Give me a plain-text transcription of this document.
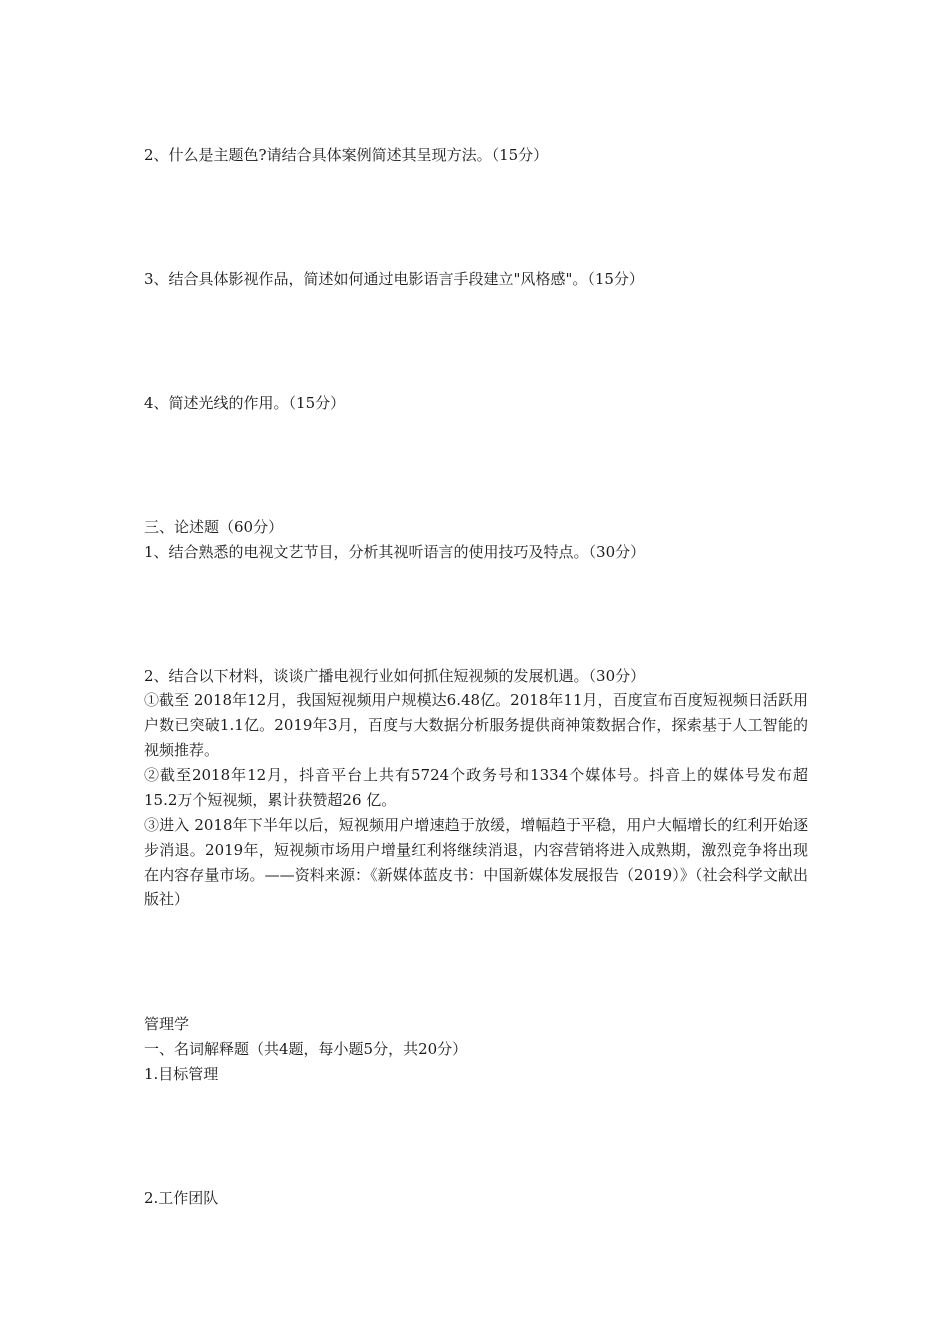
2、什么是主题色?请结合具体案例简述其呈现方法。（15分）
3、结合具体影视作品，简述如何通过电影语言手段建立"风格感"。（15分）
4、简述光线的作用。（15分）
三、论述题（60分）
1、结合熟悉的电视文艺节目，分析其视听语言的使用技巧及特点。（30分）
2、结合以下材料，谈谈广播电视行业如何抓住短视频的发展机遇。（30分）
①截至 2018年12月，我国短视频用户规模达6.48亿。2018年11月，百度宣布百度短视频日活跃用户数已突破1.1亿。2019年3月，百度与大数据分析服务提供商神策数据合作，探索基于人工智能的视频推荐。
②截至2018年12月，抖音平台上共有5724个政务号和1334个媒体号。抖音上的媒体号发布超 15.2万个短视频，累计获赞超26 亿。
③进入 2018年下半年以后，短视频用户增速趋于放缓，增幅趋于平稳，用户大幅增长的红利开始逐步消退。2019年，短视频市场用户增量红利将继续消退，内容营销将进入成熟期，激烈竞争将出现在内容存量市场。——资料来源：《新媒体蓝皮书：中国新媒体发展报告（2019）》（社会科学文献出版社）
管理学
一、名词解释题（共4题，每小题5分，共20分）
1.目标管理
2.工作团队
